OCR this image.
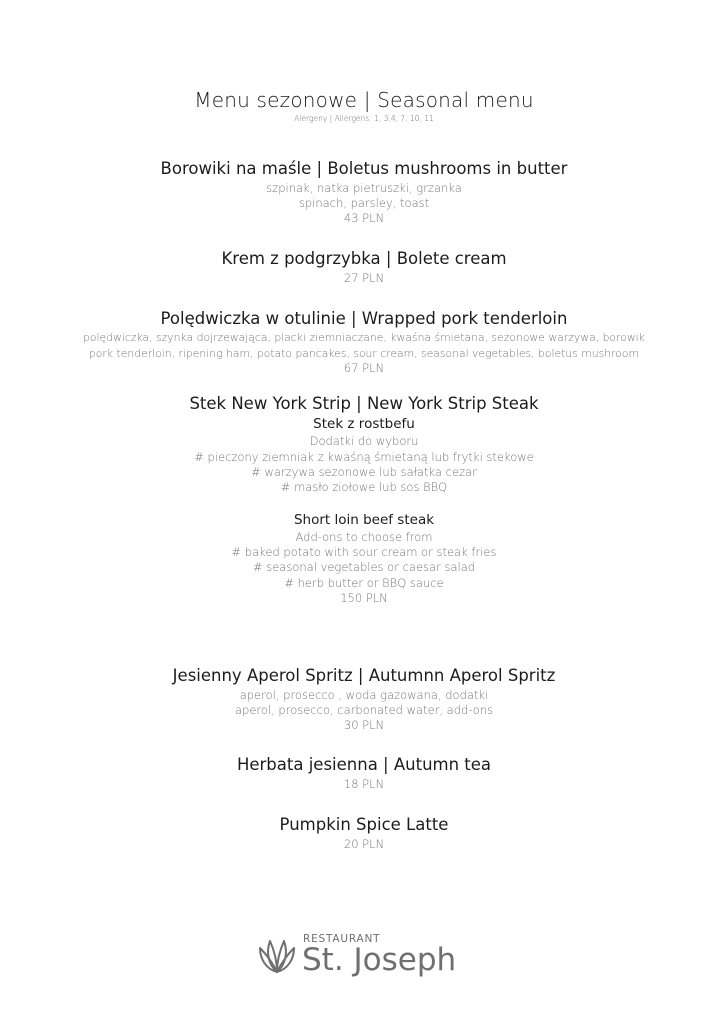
Menu sezonowe | Seasonal menu
Alergeny | Allergens: 1, 3,4, 7, 10, 11
Borowiki na maśle | Boletus mushrooms in butter
szpinak, natka pietruszki, grzanka
spinach, parsley, toast
43 PLN
Krem z podgrzybka | Bolete cream
27 PLN
Polędwiczka w otulinie | Wrapped pork tenderloin
polędwiczka, szynka dojrzewająca, placki ziemniaczane, kwaśna śmietana, sezonowe warzywa, borowik
pork tenderloin, ripening ham, potato pancakes, sour cream, seasonal vegetables, boletus mushroom
67 PLN
Stek New York Strip | New York Strip Steak
Stek z rostbefu
Dodatki do wyboru
# pieczony ziemniak z kwaśną śmietaną lub frytki stekowe
# warzywa sezonowe lub sałatka cezar
# masło ziołowe lub sos BBQ
Short loin beef steak
Add-ons to choose from
# baked potato with sour cream or steak fries
# seasonal vegetables or caesar salad
# herb butter or BBQ sauce
150 PLN
Jesienny Aperol Spritz | Autumnn Aperol Spritz
aperol, prosecco , woda gazowana, dodatki
aperol, prosecco, carbonated water, add-ons
30 PLN
Herbata jesienna | Autumn tea
18 PLN
Pumpkin Spice Latte
20 PLN
RESTAURANT
St. Joseph
